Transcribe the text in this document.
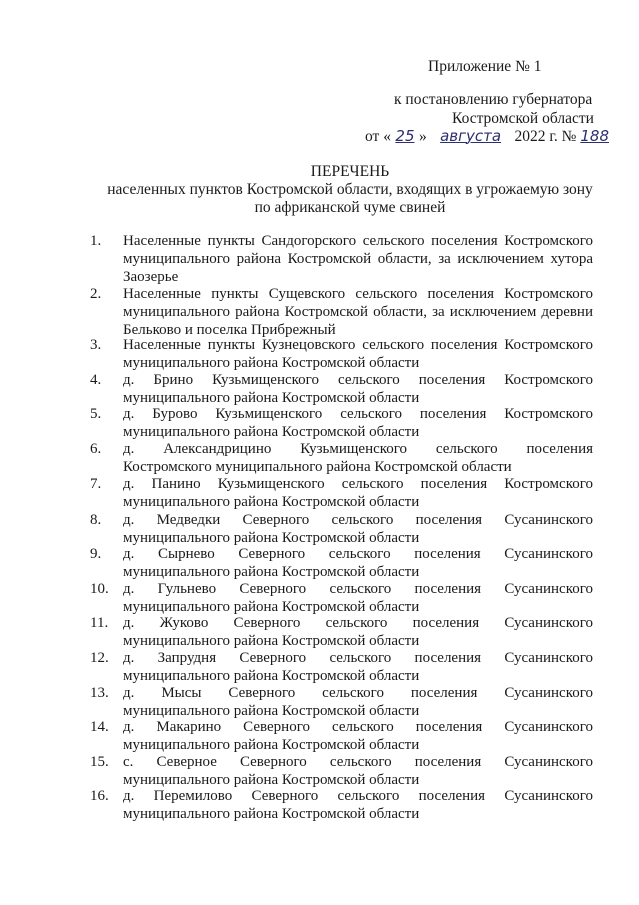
Приложение № 1
к постановлению губернатора
Костромской области
от « 25 » августа 2022 г. № 188
ПЕРЕЧЕНЬ
населенных пунктов Костромской области, входящих в угрожаемую зону
по африканской чуме свиней
1.	Населенные пункты Сандогорского сельского поселения Костромского
муниципального района Костромской области, за исключением хутора
Заозерье
2.	Населенные пункты Сущевского сельского поселения Костромского
муниципального района Костромской области, за исключением деревни
Бельково и поселка Прибрежный
3.	Населенные пункты Кузнецовского сельского поселения Костромского
муниципального района Костромской области
4.	д. Брино Кузьмищенского сельского поселения Костромского
муниципального района Костромской области
5.	д. Бурово Кузьмищенского сельского поселения Костромского
муниципального района Костромской области
6.	д. Александрицино Кузьмищенского сельского поселения
Костромского муниципального района Костромской области
7.	д. Панино Кузьмищенского сельского поселения Костромского
муниципального района Костромской области
8.	д. Медведки Северного сельского поселения Сусанинского
муниципального района Костромской области
9.	д. Сырнево Северного сельского поселения Сусанинского
муниципального района Костромской области
10. д. Гульнево Северного сельского поселения Сусанинского
муниципального района Костромской области
11. д. Жуково Северного сельского поселения Сусанинского
муниципального района Костромской области
12. д. Запрудня Северного сельского поселения Сусанинского
муниципального района Костромской области
13. д. Мысы Северного сельского поселения Сусанинского
муниципального района Костромской области
14. д. Макарино Северного сельского поселения Сусанинского
муниципального района Костромской области
15. с. Северное Северного сельского поселения Сусанинского
муниципального района Костромской области
16. д. Перемилово Северного сельского поселения Сусанинского
муниципального района Костромской области
